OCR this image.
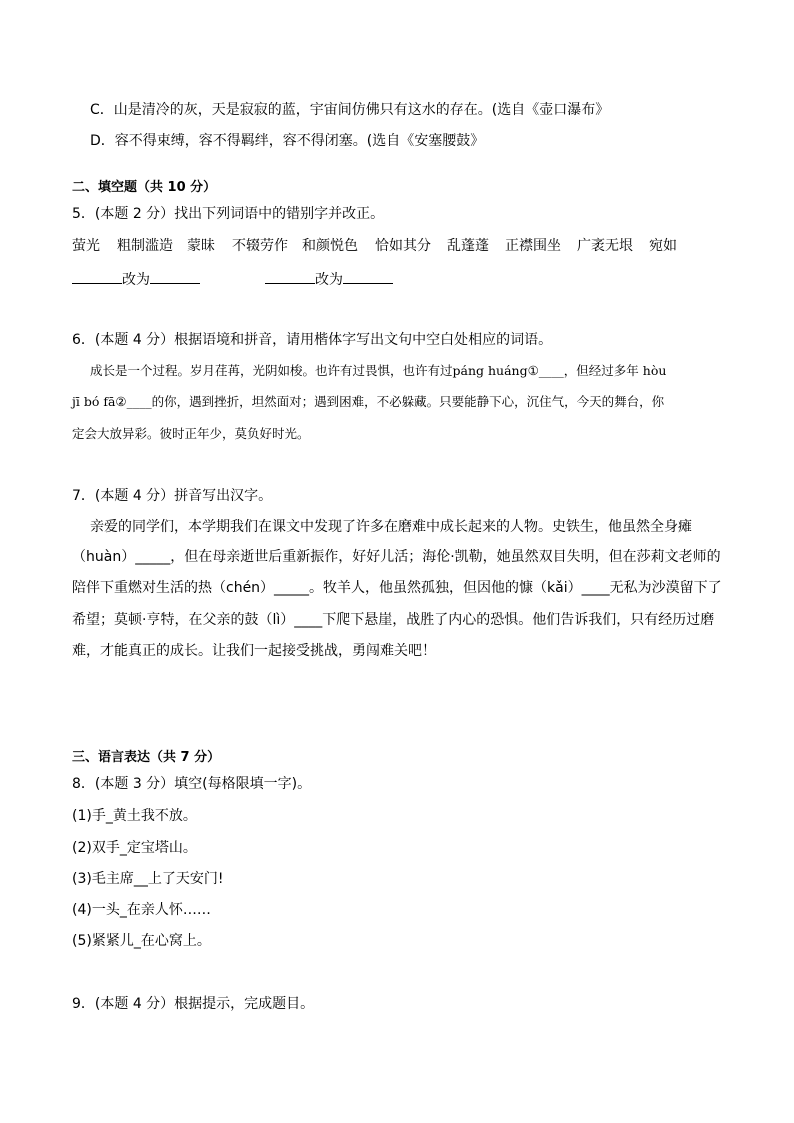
C．山是清冷的灰，天是寂寂的蓝，宇宙间仿佛只有这水的存在。(选自《壶口瀑布》
D．容不得束缚，容不得羁绊，容不得闭塞。(选自《安塞腰鼓》
二、填空题（共 10 分）
5．(本题 2 分）找出下列词语中的错别字并改正。
萤光 粗制滥造 蒙昧 不辍劳作 和颜悦色 恰如其分 乱蓬蓬 正襟围坐 广袤无垠 宛如
改为	改为
6．(本题 4 分）根据语境和拼音，请用楷体字写出文句中空白处相应的词语。
成长是一个过程。岁月荏苒，光阴如梭。也许有过畏惧，也许有过páng huáng①____，但经过多年 hòu
jī bó fā②____的你，遇到挫折，坦然面对；遇到困难，不必躲藏。只要能静下心，沉住气，今天的舞台，你
定会大放异彩。彼时正年少，莫负好时光。
7．(本题 4 分）拼音写出汉字。
亲爱的同学们，本学期我们在课文中发现了许多在磨难中成长起来的人物。史铁生，他虽然全身瘫
（huàn）_____，但在母亲逝世后重新振作，好好儿活；海伦·凯勒，她虽然双目失明，但在莎莉文老师的
陪伴下重燃对生活的热（chén）_____。牧羊人，他虽然孤独，但因他的慷（kǎi）____无私为沙漠留下了
希望；莫顿·亨特，在父亲的鼓（lì）____下爬下悬崖，战胜了内心的恐惧。他们告诉我们，只有经历过磨
难，才能真正的成长。让我们一起接受挑战，勇闯难关吧！
三、语言表达（共 7 分）
8．(本题 3 分）填空(每格限填一字)。
(1)手_黄土我不放。
(2)双手_定宝塔山。
(3)毛主席__上了天安门!
(4)一头_在亲人怀……
(5)紧紧儿_在心窝上。
9．(本题 4 分）根据提示，完成题目。
